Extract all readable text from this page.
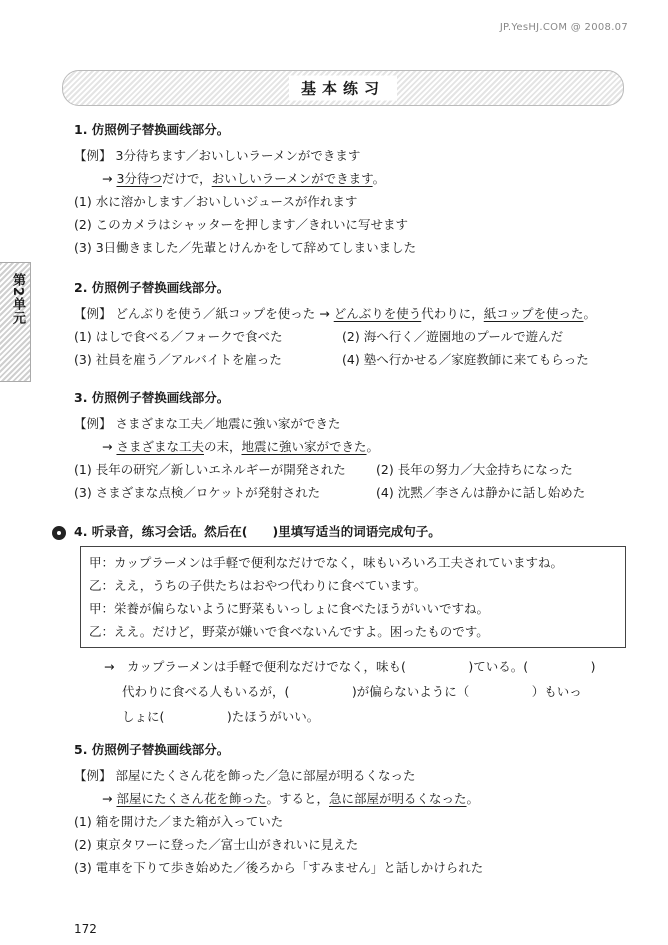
JP.YesHJ.COM @ 2008.07
基本练习
第2单元
1. 仿照例子替换画线部分。
【例】 3分待ちます／おいしいラーメンができます
→ 3分待つだけで，おいしいラーメンができます。
(1) 水に溶かします／おいしいジュースが作れます
(2) このカメラはシャッターを押します／きれいに写せます
(3) 3日働きました／先輩とけんかをして辞めてしまいました
2. 仿照例子替换画线部分。
【例】 どんぶりを使う／紙コップを使った → どんぶりを使う代わりに，紙コップを使った。
(1) はしで食べる／フォークで食べた	(2) 海へ行く／遊園地のプールで遊んだ
(3) 社員を雇う／アルバイトを雇った	(4) 塾へ行かせる／家庭教師に来てもらった
3. 仿照例子替换画线部分。
【例】 さまざまな工夫／地震に強い家ができた
→ さまざまな工夫の末，地震に強い家ができた。
(1) 長年の研究／新しいエネルギーが開発された (2) 長年の努力／大金持ちになった
(3) さまざまな点検／ロケットが発射された	(4) 沈黙／李さんは静かに話し始めた
4. 听录音，练习会话。然后在(　　)里填写适当的词语完成句子。
甲：カップラーメンは手軽で便利なだけでなく，味もいろいろ工夫されていますね。
乙：ええ，うちの子供たちはおやつ代わりに食べています。
甲：栄養が偏らないように野菜もいっしょに食べたほうがいいですね。
乙：ええ。だけど，野菜が嫌いで食べないんですよ。困ったものです。
→　カップラーメンは手軽で便利なだけでなく，味も(　　　　　)ている。(　　　　　)
代わりに食べる人もいるが，(　　　　　)が偏らないように（　　　　　）もいっ
しょに(　　　　　)たほうがいい。
5. 仿照例子替换画线部分。
【例】 部屋にたくさん花を飾った／急に部屋が明るくなった
→ 部屋にたくさん花を飾った。すると，急に部屋が明るくなった。
(1) 箱を開けた／また箱が入っていた
(2) 東京タワーに登った／富士山がきれいに見えた
(3) 電車を下りて歩き始めた／後ろから「すみません」と話しかけられた
172
